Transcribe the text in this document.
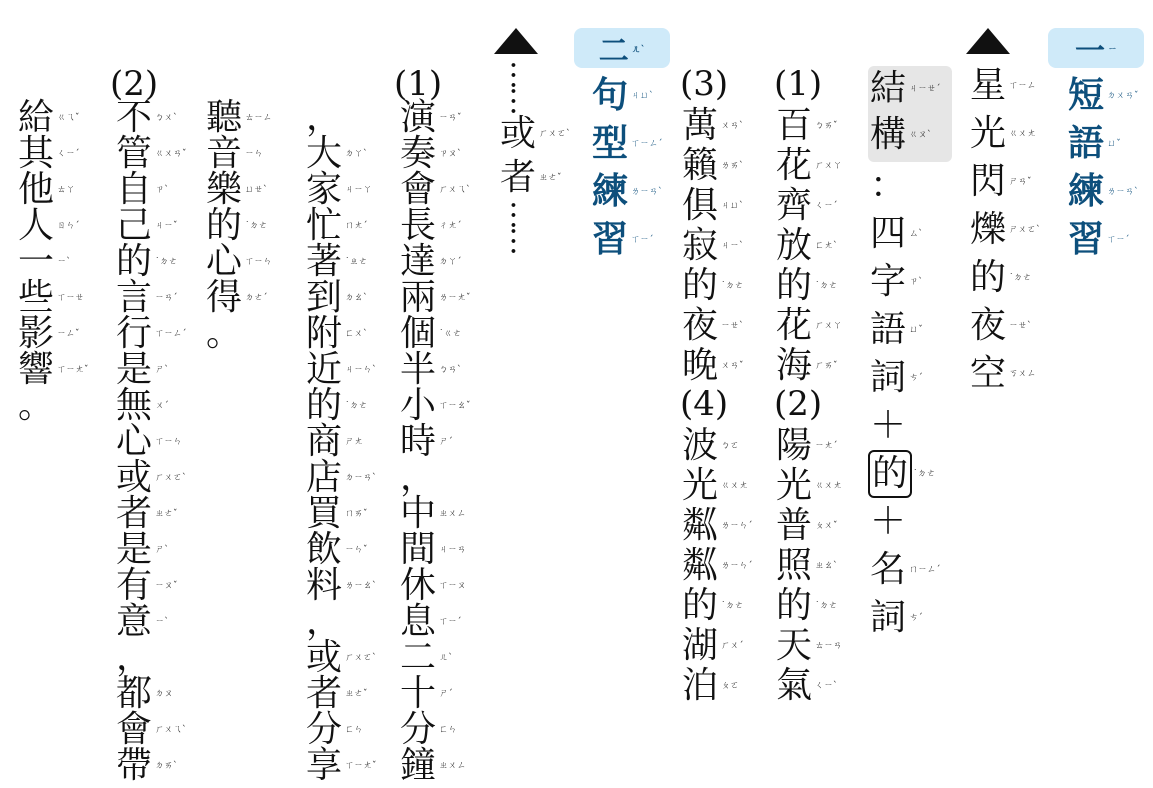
一 ㄧ
短 ㄉㄨㄢˇ
語 ㄩˇ
練 ㄌㄧㄢˋ
習 ㄒㄧˊ
星 ㄒㄧㄥ
光 ㄍㄨㄤ
閃 ㄕㄢˇ
爍 ㄕㄨㄛˋ
的 ˙ㄉㄜ
夜 ㄧㄝˋ
空 ㄎㄨㄥ
結 ㄐㄧㄝˊ
構 ㄍㄡˋ
：
四 ㄙˋ
字 ㄗˋ
語 ㄩˇ
詞 ㄘˊ
＋
的 ˙ㄉㄜ
＋
名 ㄇㄧㄥˊ
詞 ㄘˊ
(1)
百 ㄅㄞˇ
花 ㄏㄨㄚ
齊 ㄑㄧˊ
放 ㄈㄤˋ
的 ˙ㄉㄜ
花 ㄏㄨㄚ
海 ㄏㄞˇ
(2)
陽 ㄧㄤˊ
光 ㄍㄨㄤ
普 ㄆㄨˇ
照 ㄓㄠˋ
的 ˙ㄉㄜ
天 ㄊㄧㄢ
氣 ㄑㄧˋ
(3)
萬 ㄨㄢˋ
籟 ㄌㄞˋ
俱 ㄐㄩˋ
寂 ㄐㄧˋ
的 ˙ㄉㄜ
夜 ㄧㄝˋ
晚 ㄨㄢˇ
(4)
波 ㄅㄛ
光 ㄍㄨㄤ
粼 ㄌㄧㄣˊ
粼 ㄌㄧㄣˊ
的 ˙ㄉㄜ
湖 ㄏㄨˊ
泊 ㄆㄛ
二 ㄦˋ
句 ㄐㄩˋ
型 ㄒㄧㄥˊ
練 ㄌㄧㄢˋ
習 ㄒㄧˊ
……
或 ㄏㄨㄛˋ
者 ㄓㄜˇ
……
(1)
演 ㄧㄢˇ
奏 ㄗㄡˋ
會 ㄏㄨㄟˋ
長 ㄔㄤˊ
達 ㄉㄚˊ
兩 ㄌㄧㄤˇ
個 ˙ㄍㄜ
半 ㄅㄢˋ
小 ㄒㄧㄠˇ
時 ㄕˊ
，
中 ㄓㄨㄥ
間 ㄐㄧㄢ
休 ㄒㄧㄡ
息 ㄒㄧˊ
二 ㄦˋ
十 ㄕˊ
分 ㄈㄣ
鐘 ㄓㄨㄥ
，
大 ㄉㄚˋ
家 ㄐㄧㄚ
忙 ㄇㄤˊ
著 ˙ㄓㄜ
到 ㄉㄠˋ
附 ㄈㄨˋ
近 ㄐㄧㄣˋ
的 ˙ㄉㄜ
商 ㄕㄤ
店 ㄉㄧㄢˋ
買 ㄇㄞˇ
飲 ㄧㄣˇ
料 ㄌㄧㄠˋ
，
或 ㄏㄨㄛˋ
者 ㄓㄜˇ
分 ㄈㄣ
享 ㄒㄧㄤˇ
聽 ㄊㄧㄥ
音 ㄧㄣ
樂 ㄩㄝˋ
的 ˙ㄉㄜ
心 ㄒㄧㄣ
得 ㄉㄜˊ
。
(2)
不 ㄅㄨˋ
管 ㄍㄨㄢˇ
自 ㄗˋ
己 ㄐㄧˇ
的 ˙ㄉㄜ
言 ㄧㄢˊ
行 ㄒㄧㄥˊ
是 ㄕˋ
無 ㄨˊ
心 ㄒㄧㄣ
或 ㄏㄨㄛˋ
者 ㄓㄜˇ
是 ㄕˋ
有 ㄧㄡˇ
意 ㄧˋ
，
都 ㄉㄡ
會 ㄏㄨㄟˋ
帶 ㄉㄞˋ
給 ㄍㄟˇ
其 ㄑㄧˊ
他 ㄊㄚ
人 ㄖㄣˊ
一 ㄧˋ
些 ㄒㄧㄝ
影 ㄧㄥˇ
響 ㄒㄧㄤˇ
。
